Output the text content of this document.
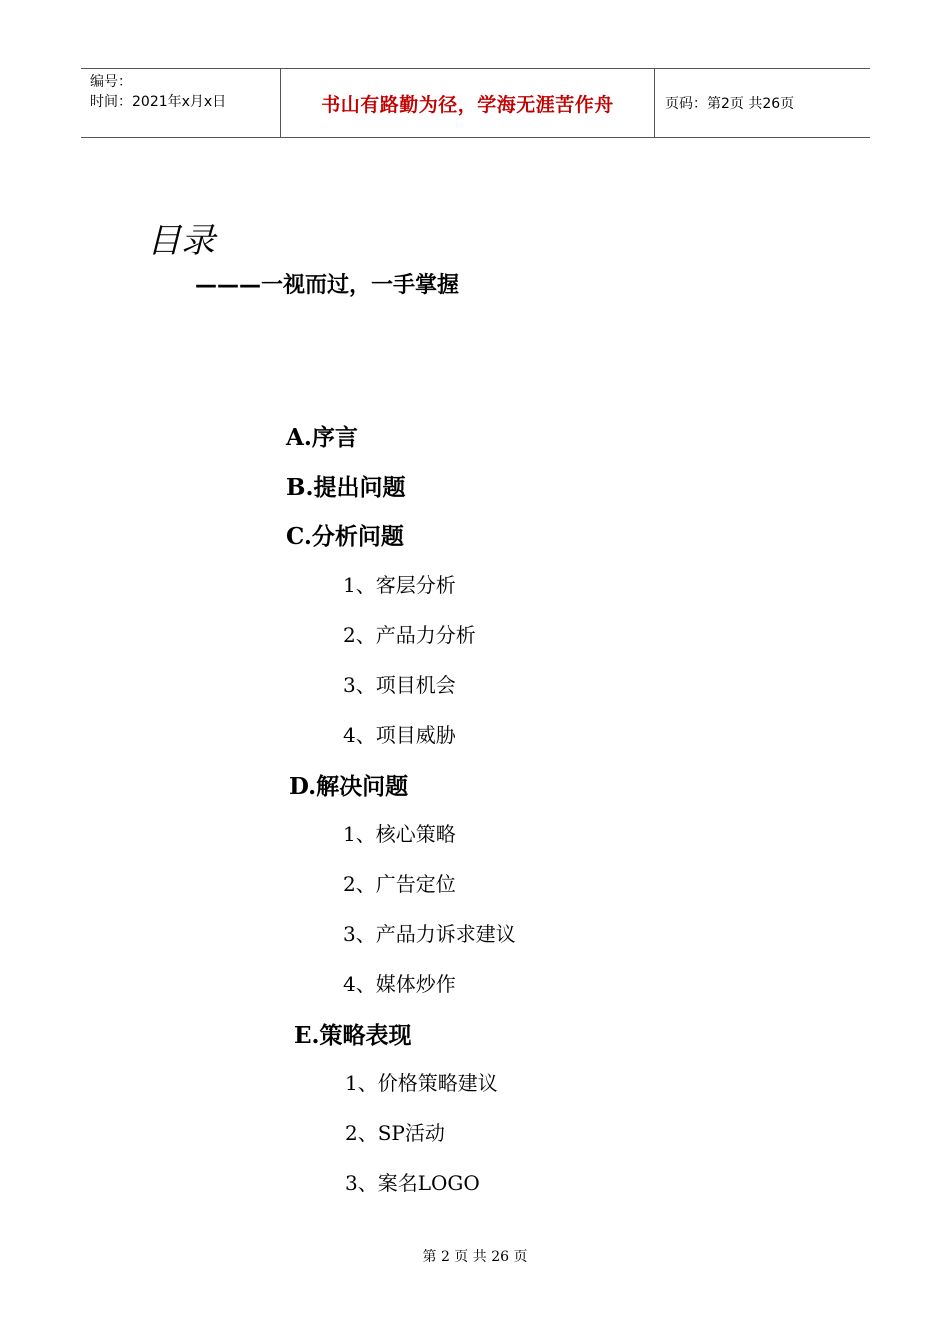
编号：
时间：2021年x月x日	书山有路勤为径，学海无涯苦作舟	页码：第2页 共26页
目录
———一视而过，一手掌握
A.序言
B.提出问题
C.分析问题
1、客层分析
2、产品力分析
3、项目机会
4、项目威胁
D.解决问题
1、核心策略
2、广告定位
3、产品力诉求建议
4、媒体炒作
E.策略表现
1、价格策略建议
2、SP活动
3、案名LOGO
第 2 页 共 26 页
